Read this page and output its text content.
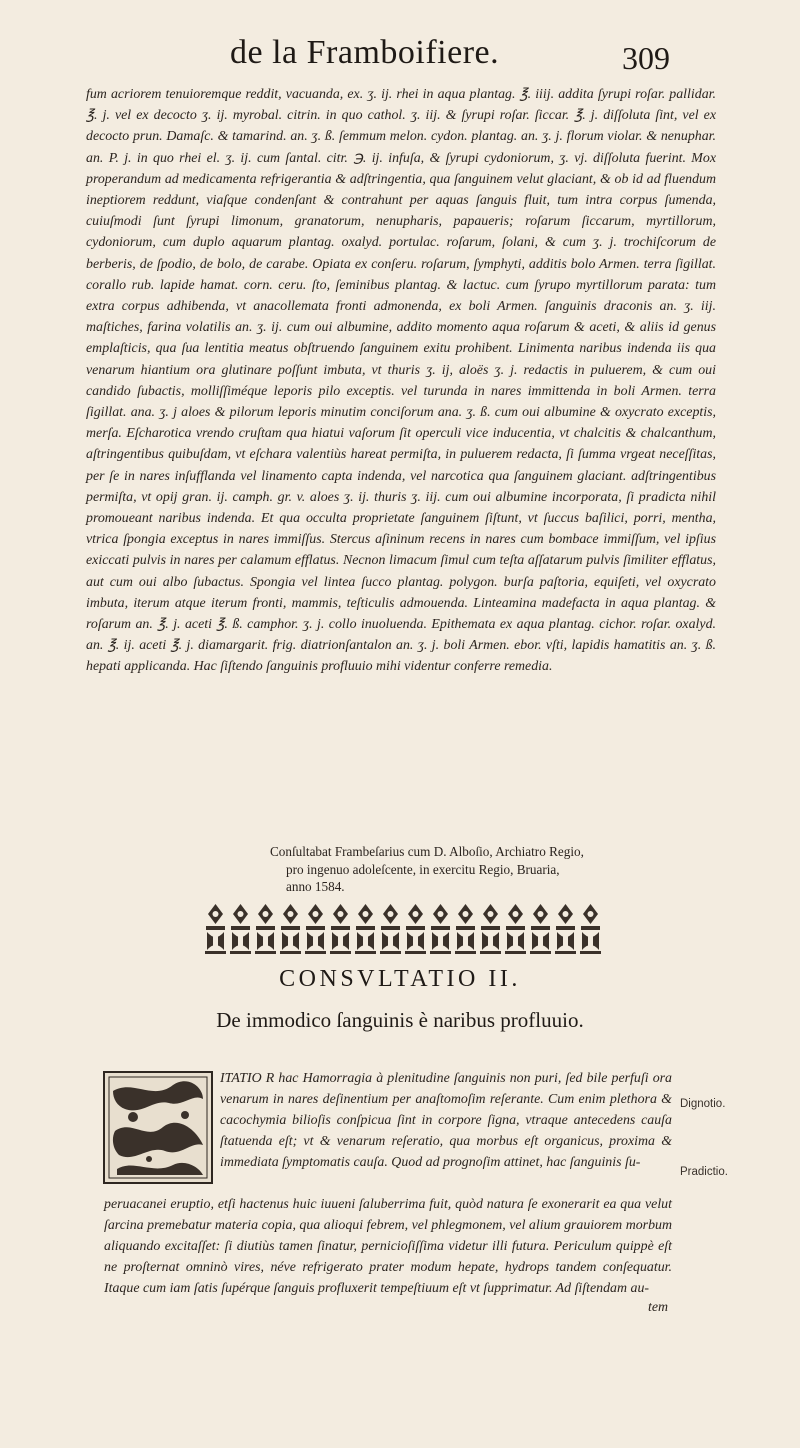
de la Framboifiere.	309

fum acriorem tenuioremque reddit, vacuanda, ex. ʒ. ij. rhei in aqua plantag. ℥. iiij. addita ſyrupi roſar. pallidar. ℥. j. vel ex decocto ʒ. ij. myrobal. citrin. in quo cathol. ʒ. iij. & ſyrupi roſar. ſiccar. ℥. j. diſſoluta ſint, vel ex decocto prun. Damaſc. & tamarind. an. ʒ. ß. ſemmum melon. cydon. plantag. an. ʒ. j. florum violar. & nenuphar. an. P. j. in quo rhei el. ʒ. ij. cum ſantal. citr. ℈. ij. infuſa, & ſyrupi cydoniorum, ʒ. vj. diſſoluta fuerint. Mox properandum ad medicamenta refrigerantia & adſtringentia, qua ſanguinem velut glaciant, & ob id ad fluendum ineptiorem reddunt, viaſque condenſant & contrahunt per aquas ſanguis fluit, tum intra corpus ſumenda, cuiuſmodi ſunt ſyrupi limonum, granatorum, nenupharis, papaueris; roſarum ſiccarum, myrtillorum, cydoniorum, cum duplo aquarum plantag. oxalyd. portulac. roſarum, ſolani, & cum ʒ. j. trochiſcorum de berberis, de ſpodio, de bolo, de carabe. Opiata ex conſeru. roſarum, ſymphyti, additis bolo Armen. terra ſigillat. corallo rub. lapide hamat. corn. ceru. ſto, ſeminibus plantag. & lactuc. cum ſyrupo myrtillorum parata: tum extra corpus adhibenda, vt anacollemata fronti admonenda, ex boli Armen. ſanguinis draconis an. ʒ. iij. maſtiches, farina volatilis an. ʒ. ij. cum oui albumine, addito momento aqua roſarum & aceti, & aliis id genus emplaſticis, qua ſua lentitia meatus obſtruendo ſanguinem exitu prohibent. Linimenta naribus indenda iis qua venarum hiantium ora glutinare poſſunt imbuta, vt thuris ʒ. ij, aloës ʒ. j. redactis in puluerem, & cum oui candido ſubactis, molliſſiméque leporis pilo exceptis. vel turunda in nares immittenda in boli Armen. terra ſigillat. ana. ʒ. j aloes & pilorum leporis minutim conciſorum ana. ʒ. ß. cum oui albumine & oxycrato exceptis, merſa. Eſcharotica vrendo cruſtam qua hiatui vaſorum ſit operculi vice inducentia, vt chalcitis & chalcanthum, aſtringentibus quibuſdam, vt eſchara valentiùs hareat permiſta, in puluerem redacta, ſi ſumma vrgeat neceſſitas, per ſe in nares inſufflanda vel linamento capta indenda, vel narcotica qua ſanguinem glaciant. adſtringentibus permiſta, vt opij gran. ij. camph. gr. v. aloes ʒ. ij. thuris ʒ. iij. cum oui albumine incorporata, ſi pradicta nihil promoueant naribus indenda. Et qua occulta proprietate ſanguinem ſiſtunt, vt ſuccus baſilici, porri, mentha, vtrica ſpongia exceptus in nares immiſſus. Stercus aſininum recens in nares cum bombace immiſſum, vel ipſius exiccati pulvis in nares per calamum efflatus. Necnon limacum ſimul cum teſta aſſatarum pulvis ſimiliter efflatus, aut cum oui albo ſubactus. Spongia vel lintea ſucco plantag. polygon. burſa paſtoria, equiſeti, vel oxycrato imbuta, iterum atque iterum fronti, mammis, teſticulis admouenda. Linteamina madefacta in aqua plantag. & roſarum an. ℥. j. aceti ℥. ß. camphor. ʒ. j. collo inuoluenda. Epithemata ex aqua plantag. cichor. roſar. oxalyd. an. ℥. ij. aceti ℥. j. diamargarit. frig. diatrionſantalon an. ʒ. j. boli Armen. ebor. vſti, lapidis hamatitis an. ʒ. ß. hepati applicanda. Hac ſiſtendo ſanguinis profluuio mihi videntur conferre remedia.

Conſultabat Frambeſarius cum D. Alboſio, Archiatro Regio,
pro ingenuo adoleſcente, in exercitu Regio, Bruaria,
anno 1584.
CONSVLTATIO II.
De immodico ſanguinis è naribus profluuio.

ITATIO R hac Hamorragia à plenitudine ſanguinis non puri, ſed bile perfuſi ora venarum in nares deſinentium per anaſtomoſim reſerante. Cum enim plethora & cacochymia bilioſis conſpicua ſint in corpore ſigna, vtraque antecedens cauſa ſtatuenda eſt; vt & venarum reſeratio, qua morbus eſt organicus, proxima & immediata ſymptomatis cauſa. Quod ad prognoſim attinet, hac ſanguinis ſu-

peruacanei eruptio, etſi hactenus huic iuueni ſaluberrima fuit, quòd natura ſe exonerarit ea qua velut ſarcina premebatur materia copia, qua alioqui febrem, vel phlegmonem, vel alium grauiorem morbum aliquando excitaſſet: ſi diutiùs tamen ſinatur, pernicioſiſſima videtur illi futura. Periculum quippè eſt ne proſternat omninò vires, néve refrigerato prater modum hepate, hydrops tandem conſequatur. Itaque cum iam ſatis ſupérque ſanguis profluxerit tempeſtiuum eſt vt ſupprimatur. Ad ſiſtendam au-

tem
Dignotio.
Pradictio.
